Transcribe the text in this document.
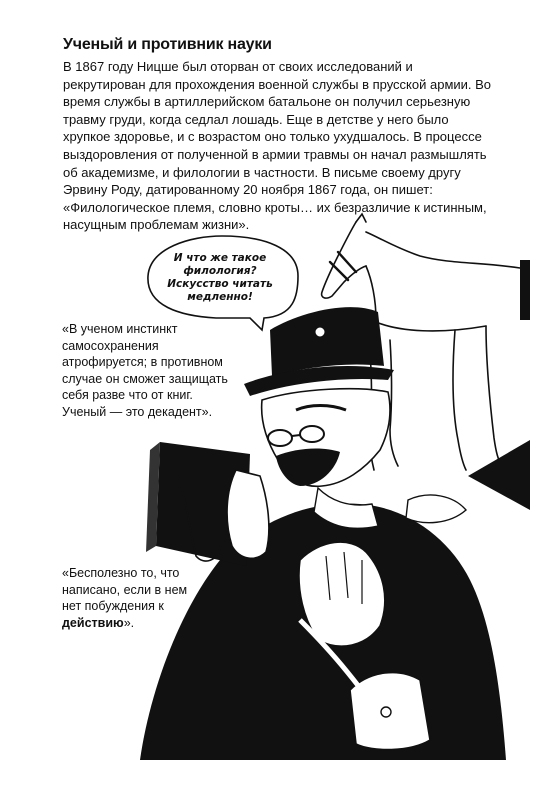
Ученый и противник науки

В 1867 году Ницше был оторван от своих исследований и рекрутирован для прохождения военной службы в прусской армии. Во время службы в артиллерийском батальоне он получил серьезную травму груди, когда седлал лошадь. Еще в детстве у него было хрупкое здоровье, и с возрастом оно только ухудшалось. В процессе выздоровления от полученной в армии травмы он начал размышлять об академизме, и филологии в частности. В письме своему другу Эрвину Роду, датированному 20 ноября 1867 года, он пишет: «Филологическое племя, словно кроты… их безразличие к истинным, насущным проблемам жизни».

И что же такое филология? Искусство читать медленно!

«В ученом инстинкт самосохранения атрофируется; в противном случае он сможет защищать себя разве что от книг. Ученый — это декадент».

«Бесполезно то, что написано, если в нем нет побуждения к действию».
